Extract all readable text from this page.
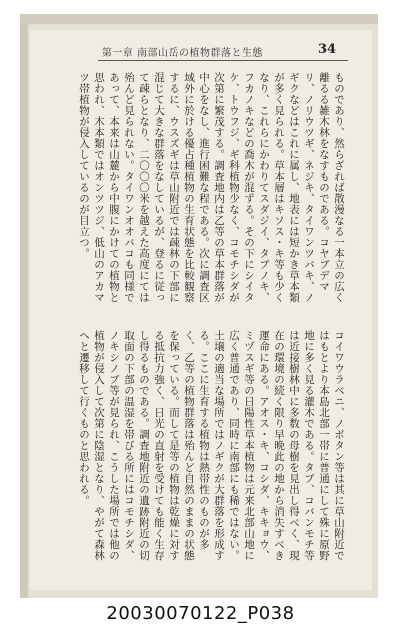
第一章 南部山岳の植物群落と生態	34
ものであり、然らざれば散漫なる一本立の広く離るる雑木林をなすものである。コヤブデマリ、ノリウツギ、ネジキ、タイワンツバキ、ノギクなどはこれに属し、地表には短かき草本類が多く見られる。草本層はキソス・キ等も少くなり、これらにかわりてスダジイ、タブノキ、フカノキなどの喬木が混ずる。その下にシイタケ、トウフジ、ギ科植物少なく、コモチシダが次第に繁茂する。調査地内は乙等の草本群落が中心をなし、進行困難な程である。次に調査区域外に於ける優占種植物の生育状態を比較観察するに、ウスズギは草山附近では疎林の下部に混じて大きな群落をなしているが、登るに従って疎らとなり、二〇〇〇米を越えた高度にては殆んど見られない。タイワンオオバコも同様であって、本来は山麓から中腹にかけての植物と思われ、木本類ではオンツツジ、低山のアカマツ帯植物が侵入しているのが目立つ。
コイワウラベニ、ノボタン等は其に草山附近ではもとより本島北部一帯に普通にして殊に原野地に多く見る灌木である。タブ、コバンモチ等は近接樹林中に多数の母樹を見出し得べく、現在の環境の続く限り早晩此の地から消失すべき運命にある。アオス・キ、コシダ、キキョウ、ミヅスギ等の日陽性草本植物は元来北部山地に広く普通であり、同時に南部にも稀ではない。土壌の適当な場所ではノギクが大群落を形成する。ここに生育する植物は熱帯性のものが多く、乙等の植物群落は殆んど自然のままの状態を保っている。而して是等の植物は乾燥に対する抵抗力強く、日光の直射を受けても能く生存し得るものである。調査地附近の遺跡附近の切取面の下部の温湿を帯びる所にはコモチシダ、ノキシノブ等が見られ、こうした場所では他の植物が侵入して次第に陰湿となり、やがて森林へと遷移して行くものと思われる。
20030070122_P038
